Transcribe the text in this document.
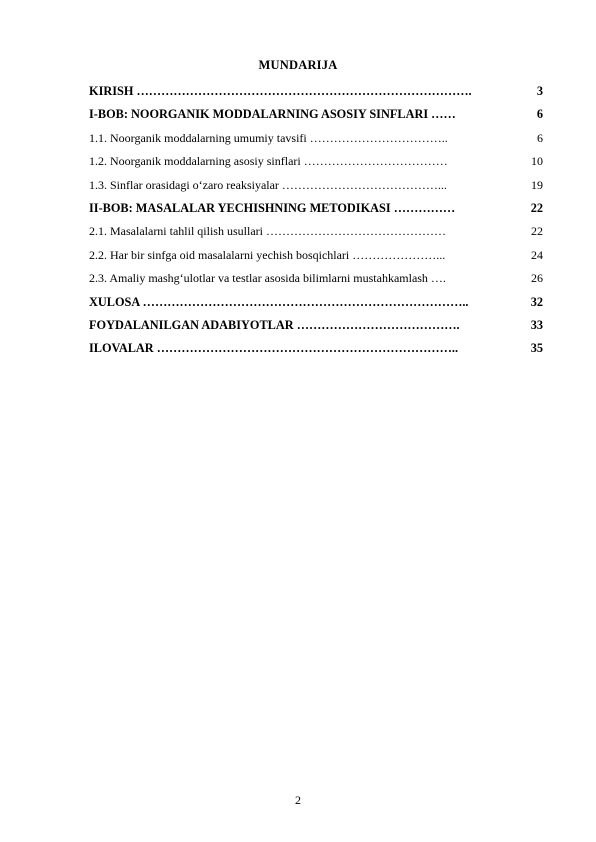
MUNDARIJA
KIRISH ……………………………………………………………………….	3
I-BOB: NOORGANIK MODDALARNING ASOSIY SINFLARI ……	6
1.1. Noorganik moddalarning umumiy tavsifi ……………………………..	6
1.2. Noorganik moddalarning asosiy sinflari ………………………………	10
1.3. Sinflar orasidagi o‘zaro reaksiyalar …………………………………...	19
II-BOB: MASALALAR YECHISHNING METODIKASI ……………	22
2.1. Masalalarni tahlil qilish usullari ………………………………………	22
2.2. Har bir sinfga oid masalalarni yechish bosqichlari …………………...	24
2.3. Amaliy mashg‘ulotlar va testlar asosida bilimlarni mustahkamlash ….	26
XULOSA ……………………………………………………………………..	32
FOYDALANILGAN ADABIYOTLAR ………………………………….	33
ILOVALAR ………………………………………………………………..	35
2
